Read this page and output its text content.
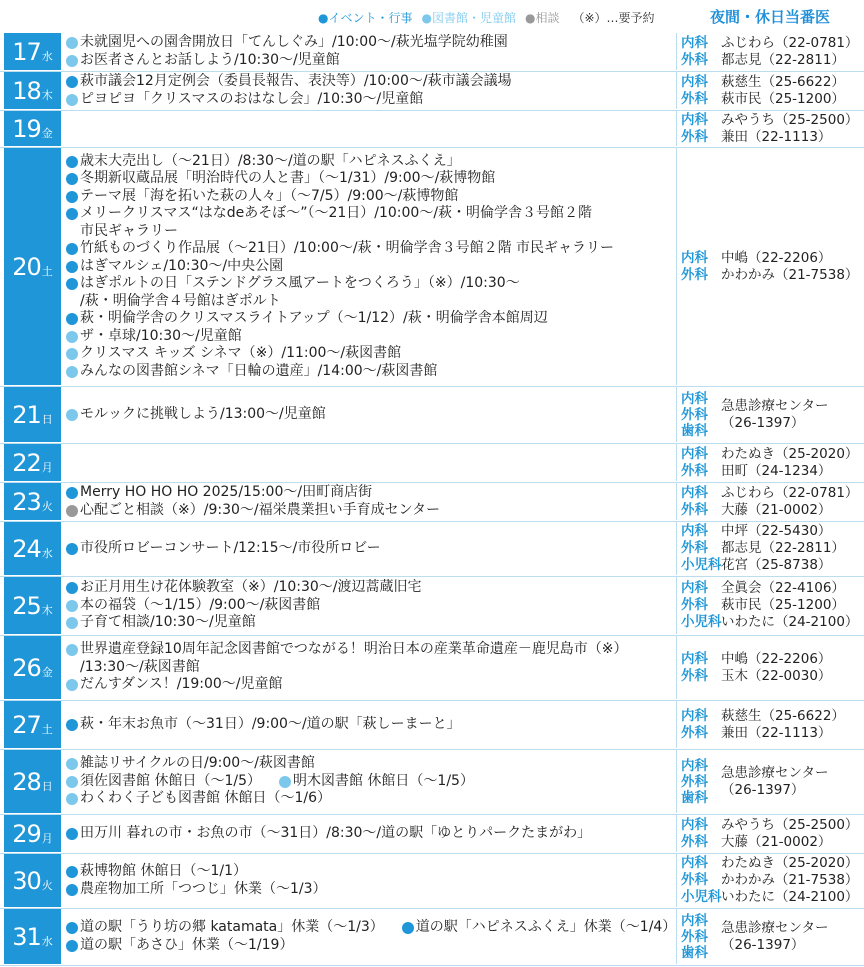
●イベント・行事 ●図書館・児童館 ●相談 （※）…要予約	夜間・休日当番医
17 水
未就園児への園舎開放日「てんしぐみ」/10:00～/萩光塩学院幼稚園
お医者さんとお話しよう/10:30～/児童館
内科 ふじわら（22-0781）
外科 都志見（22-2811）
18 木
萩市議会12月定例会（委員長報告、表決等）/10:00～/萩市議会議場
ピヨピヨ「クリスマスのおはなし会」/10:30～/児童館
内科 萩慈生（25-6622）
外科 萩市民（25-1200）
19 金
内科 みやうち（25-2500）
外科 兼田（22-1113）
20 土
歳末大売出し（～21日）/8:30～/道の駅「ハピネスふくえ」
冬期新収蔵品展「明治時代の人と書」（～1/31）/9:00～/萩博物館
テーマ展「海を拓いた萩の人々」（～7/5）/9:00～/萩博物館
メリークリスマス“はなdeあそぼ～”（～21日）/10:00～/萩・明倫学舎３号館２階
市民ギャラリー
竹紙ものづくり作品展（～21日）/10:00～/萩・明倫学舎３号館２階 市民ギャラリー
はぎマルシェ/10:30～/中央公園
はぎポルトの日「ステンドグラス風アートをつくろう」（※）/10:30～
/萩・明倫学舎４号館はぎポルト
萩・明倫学舎のクリスマスライトアップ（～1/12）/萩・明倫学舎本館周辺
ザ・卓球/10:30～/児童館
クリスマス キッズ シネマ（※）/11:00～/萩図書館
みんなの図書館シネマ「日輪の遺産」/14:00～/萩図書館
内科 中嶋（22-2206）
外科 かわかみ（21-7538）
21 日 モルックに挑戦しよう/13:00～/児童館
内科
外科
歯科
急患診療センター（26-1397）
22 月
内科 わたぬき（25-2020）
外科 田町（24-1234）
23 火
Merry HO HO HO 2025/15:00～/田町商店街
心配ごと相談（※）/9:30～/福栄農業担い手育成センター
内科 ふじわら（22-0781）
外科 大藤（21-0002）
24 水 市役所ロビーコンサート/12:15～/市役所ロビー
内科 中坪（22-5430）
外科 都志見（22-2811）
小児科 花宮（25-8738）
25 木
お正月用生け花体験教室（※）/10:30～/渡辺蒿蔵旧宅
本の福袋（～1/15）/9:00～/萩図書館
子育て相談/10:30～/児童館
内科 全眞会（22-4106）
外科 萩市民（25-1200）
小児科 いわたに（24-2100）
26 金
世界遺産登録10周年記念図書館でつながる！明治日本の産業革命遺産－鹿児島市（※）
/13:30～/萩図書館
だんすダンス！/19:00～/児童館
内科 中嶋（22-2206）
外科 玉木（22-0030）
27 土 萩・年末お魚市（～31日）/9:00～/道の駅「萩しーまーと」
内科 萩慈生（25-6622）
外科 兼田（22-1113）
28 日
雑誌リサイクルの日/9:00～/萩図書館
須佐図書館 休館日（～1/5） 明木図書館 休館日（～1/5）
わくわく子ども図書館 休館日（～1/6）
内科
外科
歯科
急患診療センター（26-1397）
29 月 田万川 暮れの市・お魚の市（～31日）/8:30～/道の駅「ゆとりパークたまがわ」
内科 みやうち（25-2500）
外科 大藤（21-0002）
30 火
萩博物館 休館日（～1/1）
農産物加工所「つつじ」休業（～1/3）
内科 わたぬき（25-2020）
外科 かわかみ（21-7538）
小児科 いわたに（24-2100）
31 水
道の駅「うり坊の郷 katamata」休業（～1/3） 道の駅「ハピネスふくえ」休業（～1/4）
道の駅「あさひ」休業（～1/19）
内科
外科
歯科
急患診療センター（26-1397）
